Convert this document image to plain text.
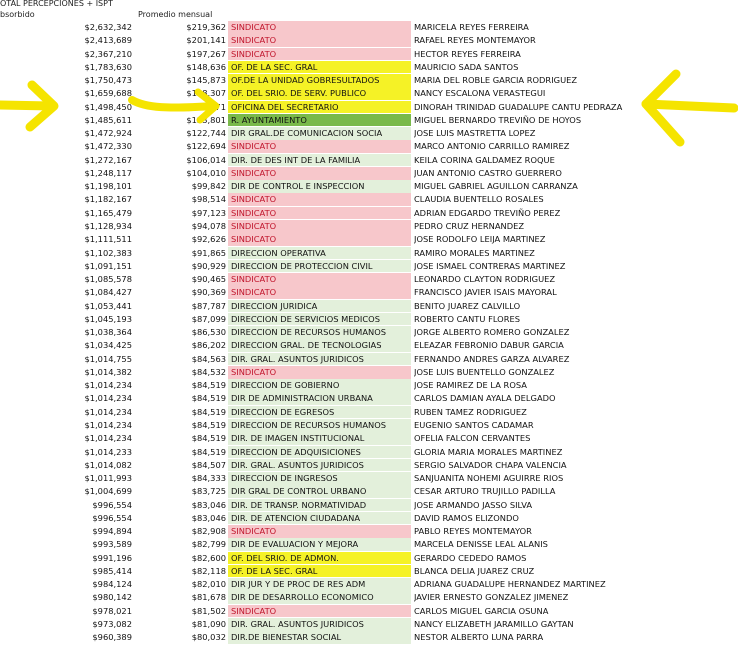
OTAL PERCEPCIONES + ISPT
bsorbido	Promedio mensual
$2,632,342	$219,362 SINDICATO	MARICELA REYES FERREIRA
$2,413,689	$201,141 SINDICATO	RAFAEL REYES MONTEMAYOR
$2,367,210	$197,267 SINDICATO	HECTOR REYES FERREIRA
$1,783,630	$148,636 OF. DE LA SEC. GRAL	MAURICIO SADA SANTOS
$1,750,473	$145,873 OF.DE LA UNIDAD GOBRESULTADOS	MARIA DEL ROBLE GARCIA RODRIGUEZ
$1,659,688	$138,307 OF. DEL SRIO. DE SERV. PUBLICO	NANCY ESCALONA VERASTEGUI
$1,498,450	$124,871 OFICINA DEL SECRETARIO	DINORAH TRINIDAD GUADALUPE CANTU PEDRAZA
$1,485,611	$123,801 R. AYUNTAMIENTO	MIGUEL BERNARDO TREVIÑO DE HOYOS
$1,472,924	$122,744 DIR GRAL.DE COMUNICACION SOCIA	JOSE LUIS MASTRETTA LOPEZ
$1,472,330	$122,694 SINDICATO	MARCO ANTONIO CARRILLO RAMIREZ
$1,272,167	$106,014 DIR. DE DES INT DE LA FAMILIA	KEILA CORINA GALDAMEZ ROQUE
$1,248,117	$104,010 SINDICATO	JUAN ANTONIO CASTRO GUERRERO
$1,198,101	$99,842 DIR DE CONTROL E INSPECCION	MIGUEL GABRIEL AGUILLON CARRANZA
$1,182,167	$98,514 SINDICATO	CLAUDIA BUENTELLO ROSALES
$1,165,479	$97,123 SINDICATO	ADRIAN EDGARDO TREVIÑO PEREZ
$1,128,934	$94,078 SINDICATO	PEDRO CRUZ HERNANDEZ
$1,111,511	$92,626 SINDICATO	JOSE RODOLFO LEIJA MARTINEZ
$1,102,383	$91,865 DIRECCION OPERATIVA	RAMIRO MORALES MARTINEZ
$1,091,151	$90,929 DIRECCION DE PROTECCION CIVIL	JOSE ISMAEL CONTRERAS MARTINEZ
$1,085,578	$90,465 SINDICATO	LEONARDO CLAYTON RODRIGUEZ
$1,084,427	$90,369 SINDICATO	FRANCISCO JAVIER ISAIS MAYORAL
$1,053,441	$87,787 DIRECCION JURIDICA	BENITO JUAREZ CALVILLO
$1,045,193	$87,099 DIRECCION DE SERVICIOS MEDICOS	ROBERTO CANTU FLORES
$1,038,364	$86,530 DIRECCION DE RECURSOS HUMANOS	JORGE ALBERTO ROMERO GONZALEZ
$1,034,425	$86,202 DIRECCION GRAL. DE TECNOLOGIAS	ELEAZAR FEBRONIO DABUR GARCIA
$1,014,755	$84,563 DIR. GRAL. ASUNTOS JURIDICOS	FERNANDO ANDRES GARZA ALVAREZ
$1,014,382	$84,532 SINDICATO	JOSE LUIS BUENTELLO GONZALEZ
$1,014,234	$84,519 DIRECCION DE GOBIERNO	JOSE RAMIREZ DE LA ROSA
$1,014,234	$84,519 DIR DE ADMINISTRACION URBANA	CARLOS DAMIAN AYALA DELGADO
$1,014,234	$84,519 DIRECCION DE EGRESOS	RUBEN TAMEZ RODRIGUEZ
$1,014,234	$84,519 DIRECCION DE RECURSOS HUMANOS	EUGENIO SANTOS CADAMAR
$1,014,234	$84,519 DIR. DE IMAGEN INSTITUCIONAL	OFELIA FALCON CERVANTES
$1,014,233	$84,519 DIRECCION DE ADQUISICIONES	GLORIA MARIA MORALES MARTINEZ
$1,014,082	$84,507 DIR. GRAL. ASUNTOS JURIDICOS	SERGIO SALVADOR CHAPA VALENCIA
$1,011,993	$84,333 DIRECCION DE INGRESOS	SANJUANITA NOHEMI AGUIRRE RIOS
$1,004,699	$83,725 DIR GRAL DE CONTROL URBANO	CESAR ARTURO TRUJILLO PADILLA
$996,554	$83,046 DIR. DE TRANSP. NORMATIVIDAD	JOSE ARMANDO JASSO SILVA
$996,554	$83,046 DIR. DE ATENCION CIUDADANA	DAVID RAMOS ELIZONDO
$994,894	$82,908 SINDICATO	PABLO REYES MONTEMAYOR
$993,589	$82,799 DIR DE EVALUACION Y MEJORA	MARCELA DENISSE LEAL ALANIS
$991,196	$82,600 OF. DEL SRIO. DE ADMON.	GERARDO CEDEDO RAMOS
$985,414	$82,118 OF. DE LA SEC. GRAL	BLANCA DELIA JUAREZ CRUZ
$984,124	$82,010 DIR JUR Y DE PROC DE RES ADM	ADRIANA GUADALUPE HERNANDEZ MARTINEZ
$980,142	$81,678 DIR DE DESARROLLO ECONOMICO	JAVIER ERNESTO GONZALEZ JIMENEZ
$978,021	$81,502 SINDICATO	CARLOS MIGUEL GARCIA OSUNA
$973,082	$81,090 DIR. GRAL. ASUNTOS JURIDICOS	NANCY ELIZABETH JARAMILLO GAYTAN
$960,389	$80,032 DIR.DE BIENESTAR SOCIAL	NESTOR ALBERTO LUNA PARRA
